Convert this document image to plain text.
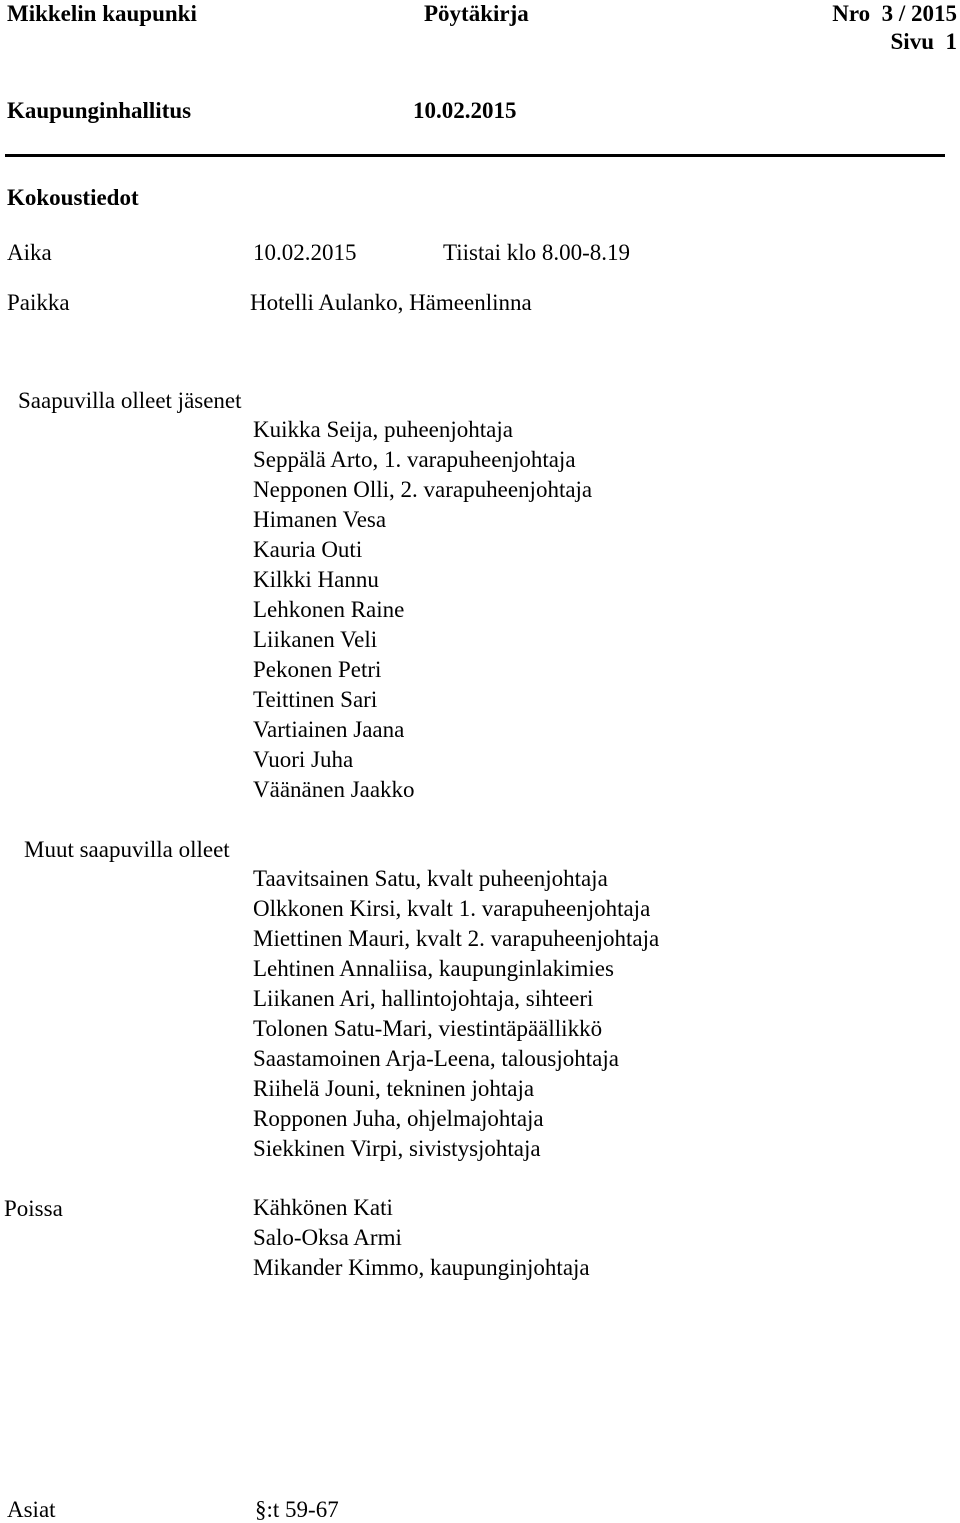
Mikkelin kaupunki	Pöytäkirja	Nro  3 / 2015
Sivu  1
Kaupunginhallitus	10.02.2015
Kokoustiedot
Aika	10.02.2015	Tiistai klo 8.00-8.19
Paikka	Hotelli Aulanko, Hämeenlinna
Saapuvilla olleet jäsenet
Kuikka Seija, puheenjohtaja
Seppälä Arto, 1. varapuheenjohtaja
Nepponen Olli, 2. varapuheenjohtaja
Himanen Vesa
Kauria Outi
Kilkki Hannu
Lehkonen Raine
Liikanen Veli
Pekonen Petri
Teittinen Sari
Vartiainen Jaana
Vuori Juha
Väänänen Jaakko
Muut saapuvilla olleet
Taavitsainen Satu, kvalt puheenjohtaja
Olkkonen Kirsi, kvalt 1. varapuheenjohtaja
Miettinen Mauri, kvalt 2. varapuheenjohtaja
Lehtinen Annaliisa, kaupunginlakimies
Liikanen Ari, hallintojohtaja, sihteeri
Tolonen Satu-Mari, viestintäpäällikkö
Saastamoinen Arja-Leena, talousjohtaja
Riihelä Jouni, tekninen johtaja
Ropponen Juha, ohjelmajohtaja
Siekkinen Virpi, sivistysjohtaja
Poissa	Kähkönen Kati
Salo-Oksa Armi
Mikander Kimmo, kaupunginjohtaja
Asiat	§:t 59-67
